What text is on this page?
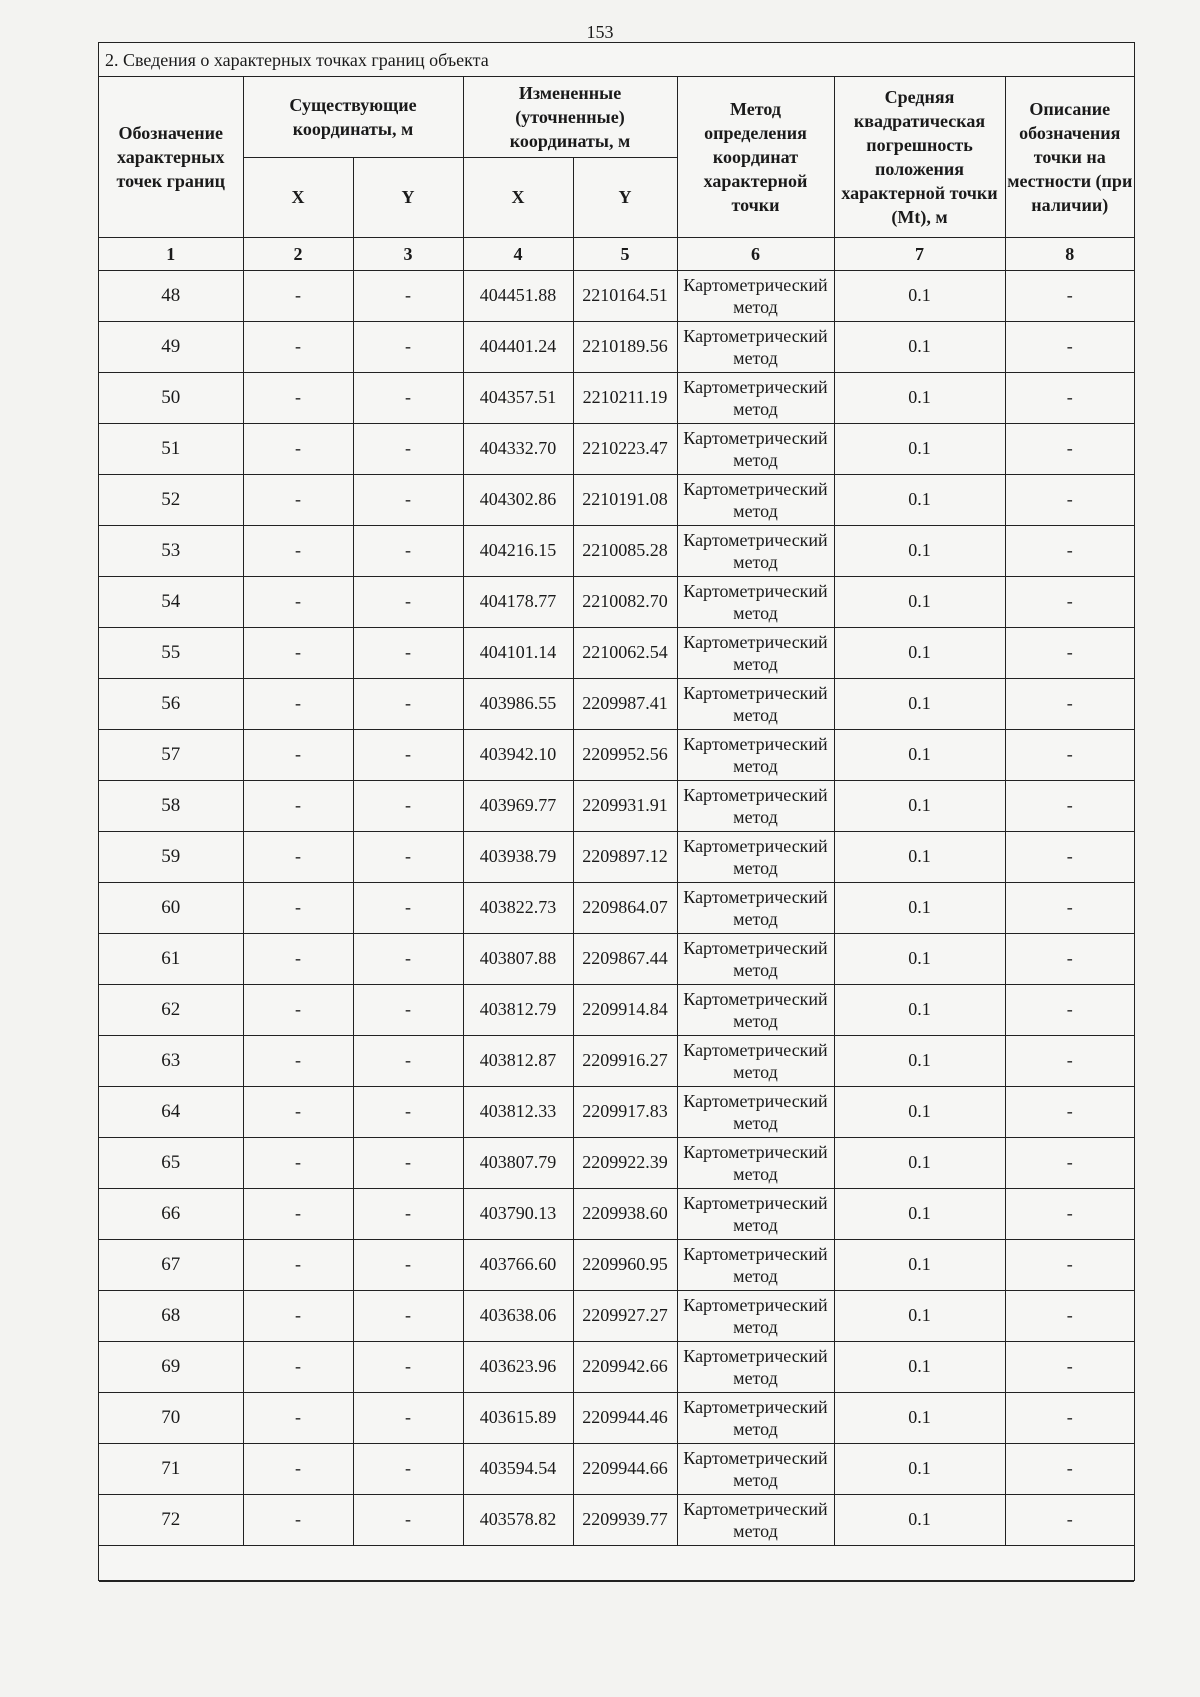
153
2. Сведения о характерных точках границ объекта
Обозначение характерных точек границ	Существующие координаты, м		Измененные (уточненные) координаты, м		Метод определения координат характерной точки	Средняя квадратическая погрешность положения характерной точки (Mt), м	Описание обозначения точки на местности (при наличии)
	X	Y	X	Y			
1	2	3	4	5	6	7	8
48	-	-	404451.88	2210164.51	Картометрический метод	0.1	-
49	-	-	404401.24	2210189.56	Картометрический метод	0.1	-
50	-	-	404357.51	2210211.19	Картометрический метод	0.1	-
51	-	-	404332.70	2210223.47	Картометрический метод	0.1	-
52	-	-	404302.86	2210191.08	Картометрический метод	0.1	-
53	-	-	404216.15	2210085.28	Картометрический метод	0.1	-
54	-	-	404178.77	2210082.70	Картометрический метод	0.1	-
55	-	-	404101.14	2210062.54	Картометрический метод	0.1	-
56	-	-	403986.55	2209987.41	Картометрический метод	0.1	-
57	-	-	403942.10	2209952.56	Картометрический метод	0.1	-
58	-	-	403969.77	2209931.91	Картометрический метод	0.1	-
59	-	-	403938.79	2209897.12	Картометрический метод	0.1	-
60	-	-	403822.73	2209864.07	Картометрический метод	0.1	-
61	-	-	403807.88	2209867.44	Картометрический метод	0.1	-
62	-	-	403812.79	2209914.84	Картометрический метод	0.1	-
63	-	-	403812.87	2209916.27	Картометрический метод	0.1	-
64	-	-	403812.33	2209917.83	Картометрический метод	0.1	-
65	-	-	403807.79	2209922.39	Картометрический метод	0.1	-
66	-	-	403790.13	2209938.60	Картометрический метод	0.1	-
67	-	-	403766.60	2209960.95	Картометрический метод	0.1	-
68	-	-	403638.06	2209927.27	Картометрический метод	0.1	-
69	-	-	403623.96	2209942.66	Картометрический метод	0.1	-
70	-	-	403615.89	2209944.46	Картометрический метод	0.1	-
71	-	-	403594.54	2209944.66	Картометрический метод	0.1	-
72	-	-	403578.82	2209939.77	Картометрический метод	0.1	-
